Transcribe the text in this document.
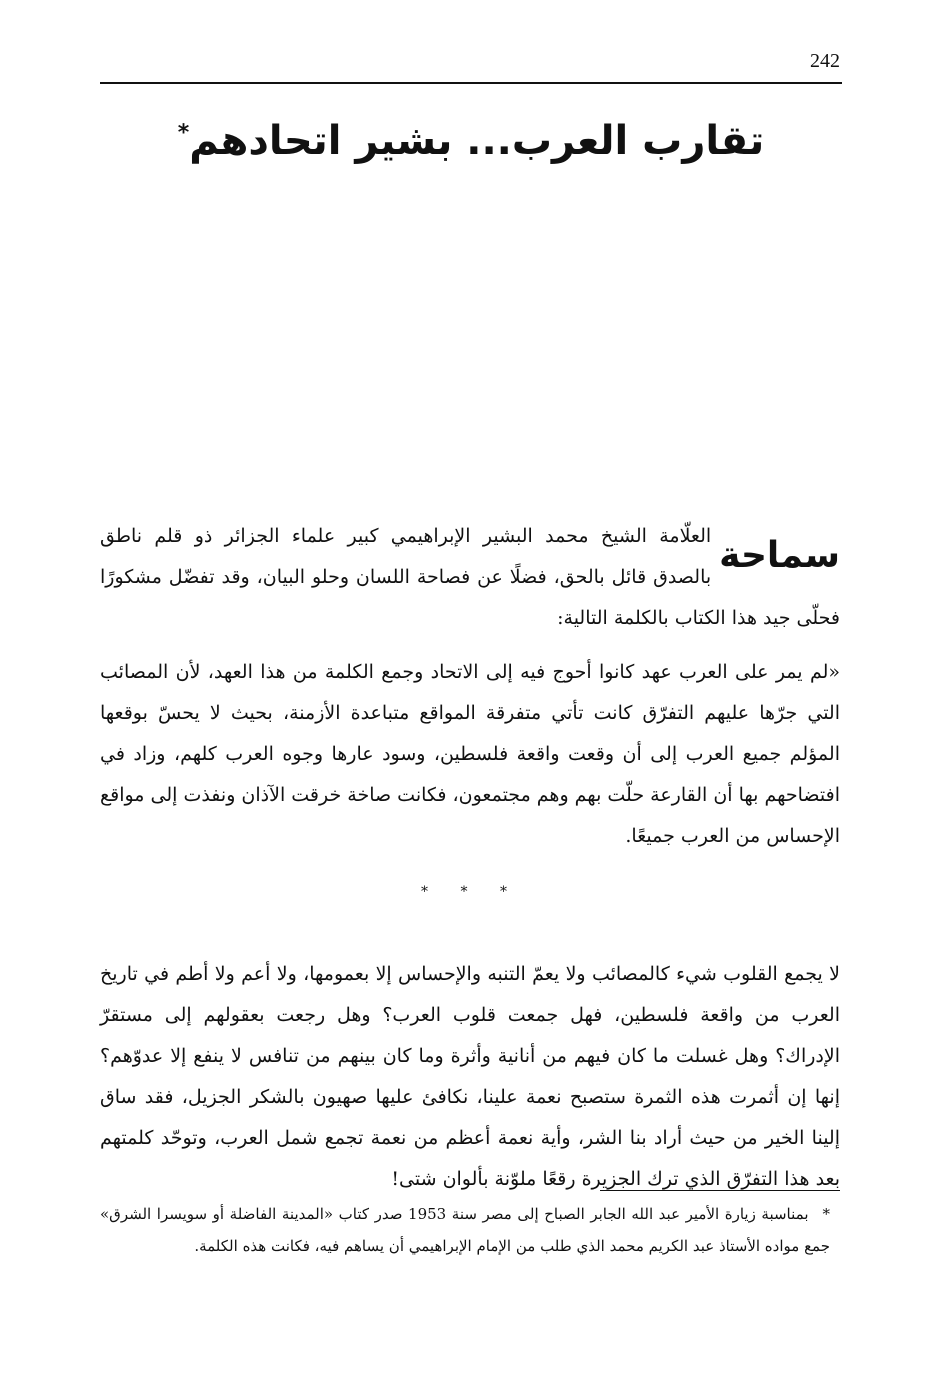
242
تقارب العرب... بشير اتحادهم*
سماحة
العلّامة الشيخ محمد البشير الإبراهيمي كبير علماء الجزائر ذو قلم ناطق بالصدق قائل بالحق، فضلًا عن فصاحة اللسان وحلو البيان، وقد تفضّل مشكورًا فحلّى جيد هذا الكتاب بالكلمة التالية:
«لم يمر على العرب عهد كانوا أحوج فيه إلى الاتحاد وجمع الكلمة من هذا العهد، لأن المصائب التي جرّها عليهم التفرّق كانت تأتي متفرقة المواقع متباعدة الأزمنة، بحيث لا يحسّ بوقعها المؤلم جميع العرب إلى أن وقعت واقعة فلسطين، وسود عارها وجوه العرب كلهم، وزاد في افتضاحهم بها أن القارعة حلّت بهم وهم مجتمعون، فكانت صاخة خرقت الآذان ونفذت إلى مواقع الإحساس من العرب جميعًا.
* * *
لا يجمع القلوب شيء كالمصائب ولا يعمّ التنبه والإحساس إلا بعمومها، ولا أعم ولا أطم في تاريخ العرب من واقعة فلسطين، فهل جمعت قلوب العرب؟ وهل رجعت بعقولهم إلى مستقرّ الإدراك؟ وهل غسلت ما كان فيهم من أنانية وأثرة وما كان بينهم من تنافس لا ينفع إلا عدوّهم؟ إنها إن أثمرت هذه الثمرة ستصبح نعمة علينا، نكافئ عليها صهيون بالشكر الجزيل، فقد ساق إلينا الخير من حيث أراد بنا الشر، وأية نعمة أعظم من نعمة تجمع شمل العرب، وتوحّد كلمتهم بعد هذا التفرّق الذي ترك الجزيرة رقعًا ملوّنة بألوان شتى!
*بمناسبة زيارة الأمير عبد الله الجابر الصباح إلى مصر سنة 1953 صدر كتاب «المدينة الفاضلة أو سويسرا الشرق» جمع مواده الأستاذ عبد الكريم محمد الذي طلب من الإمام الإبراهيمي أن يساهم فيه، فكانت هذه الكلمة.
